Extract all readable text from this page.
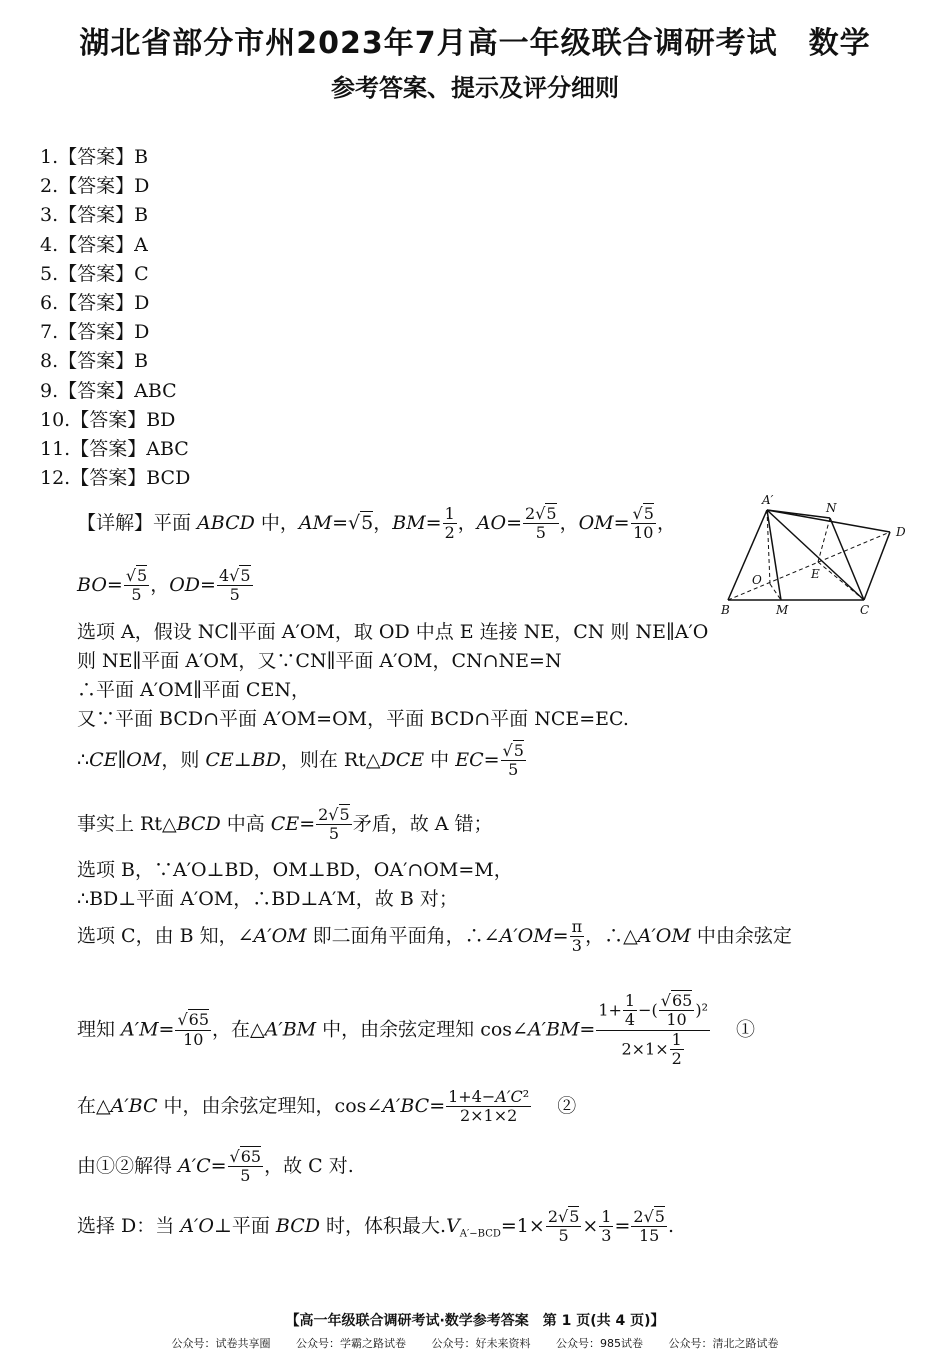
湖北省部分市州2023年7月高一年级联合调研考试　数学
参考答案、提示及评分细则
1.【答案】B
2.【答案】D
3.【答案】B
4.【答案】A
5.【答案】C
6.【答案】D
7.【答案】D
8.【答案】B
9.【答案】ABC
10.【答案】BD
11.【答案】ABC
12.【答案】BCD
【详解】平面 ABCD 中，AM=√5，$BM= \frac{1}{2}$ ，$AO= \frac{2√5}{5}$ ，$OM= \frac{√5}{10}$ ，
$BO= \frac{√5}{5}$ ，$OD= \frac{4√5}{5}$
选项 A，假设 NC∥平面 A′OM，取 OD 中点 E 连接 NE，CN 则 NE∥A′O
则 NE∥平面 A′OM，又∵CN∥平面 A′OM，CN∩NE=N
∴平面 A′OM∥平面 CEN，
又∵平面 BCD∩平面 A′OM=OM，平面 BCD∩平面 NCE=EC.
∴CE∥OM，则 CE⊥BD，则在 Rt△DCE 中 $EC= \frac{√5}{5}$
事实上 Rt△BCD 中高 $CE= \frac{2√5}{5}$ 矛盾，故 A 错；
选项 B，∵A′O⊥BD，OM⊥BD，OA′∩OM=M，
∴BD⊥平面 A′OM，∴BD⊥A′M，故 B 对；
选项 C，由 B 知，∠A′OM 即二面角平面角，∴∠A′OM= $\frac{\pi}{3}$ ，∴△A′OM 中由余弦定
理知 $A'M= \frac{√65}{10}$ ，在△A′BM 中，由余弦定理知 cos∠A′BM= $\frac{1+ \frac{1}{4} -( \frac{√65}{10} )^2}{2\times 1\times \frac{1}{2}}$ 　 ①
在△A′BC 中，由余弦定理知，cos∠A′BC= $\frac{\text{1+4−A′C²}}{2\times 1\times 2}$ 　 ②
由①②解得 $A'C= \frac{√65}{5}$ ，故 C 对.
选择 D：当 A′O⊥平面 BCD 时，体积最大$.V_{A'-BCD}=1\times \frac{2√5}{5} \times \frac{1}{3} = \frac{2√5}{15}$ .
A′
N
D
O	E
B	M	C
【高一年级联合调研考试·数学参考答案　第 1 页(共 4 页)】
公众号：试卷共享圈 公众号：学霸之路试卷 公众号：好未来资料 公众号：985试卷 公众号：清北之路试卷
